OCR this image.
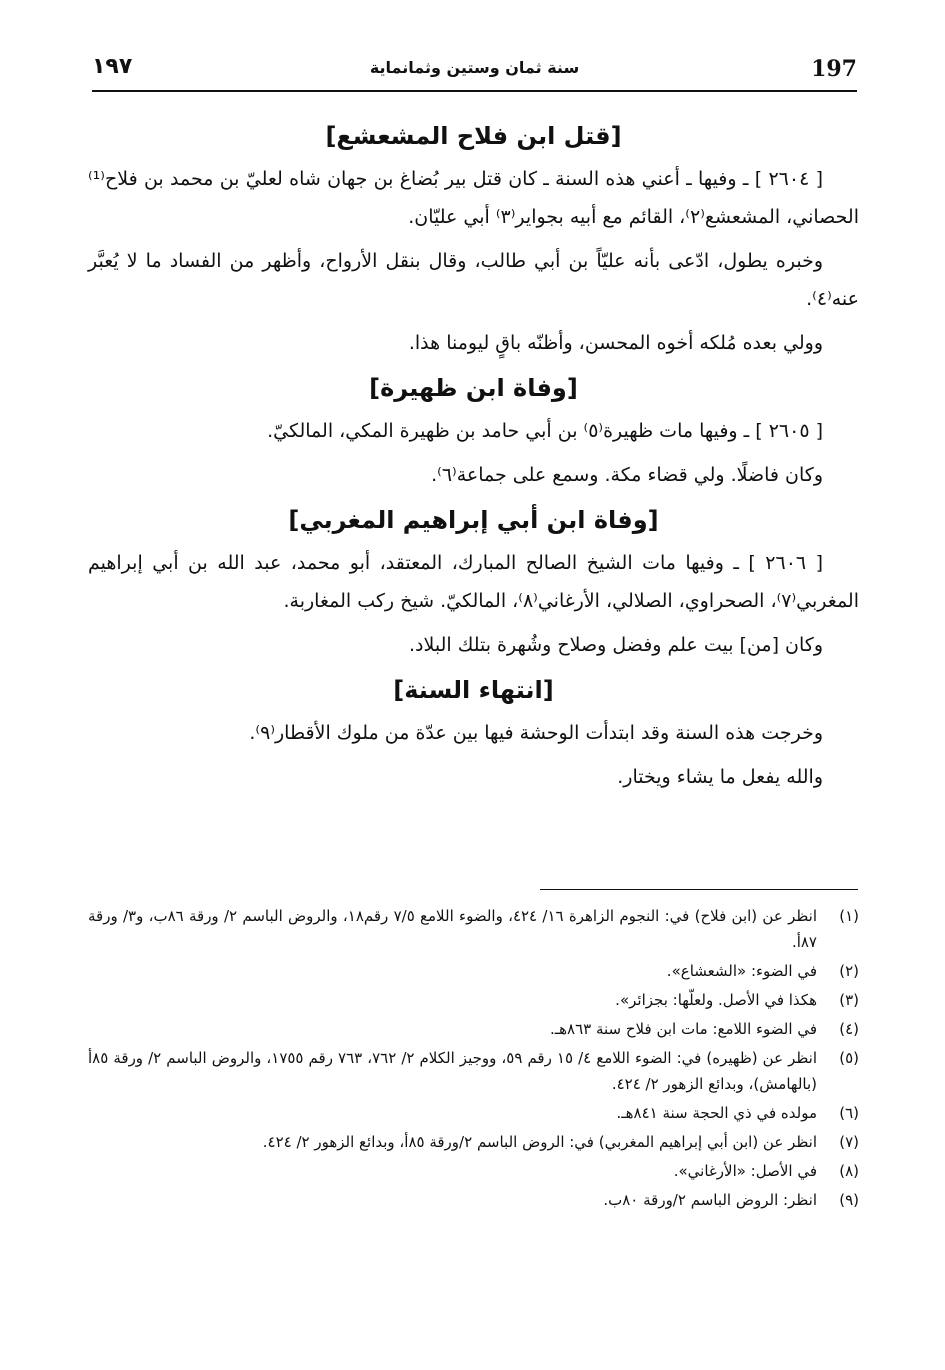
197
سنة ثمان وستين وثمانماية
١٩٧
[قتل ابن فلاح المشعشع]

[ ٢٦٠٤ ] ـ وفيها ـ أعني هذه السنة ـ كان قتل بير بُضاغ بن جهان شاه لعليّ بن محمد بن فلاح⁽¹⁾ الحصاني، المشعشع⁽٢⁾، القائم مع أبيه بجواير⁽٣⁾ أبي عليّان.

وخبره يطول، ادّعى بأنه عليّاً بن أبي طالب، وقال بنقل الأرواح، وأظهر من الفساد ما لا يُعبَّر عنه⁽٤⁾.

وولي بعده مُلكه أخوه المحسن، وأظنّه باقٍ ليومنا هذا.

[وفاة ابن ظهيرة]

[ ٢٦٠٥ ] ـ وفيها مات ظهيرة⁽٥⁾ بن أبي حامد بن ظهيرة المكي، المالكيّ.

وكان فاضلًا. ولي قضاء مكة. وسمع على جماعة⁽٦⁾.

[وفاة ابن أبي إبراهيم المغربي]

[ ٢٦٠٦ ] ـ وفيها مات الشيخ الصالح المبارك، المعتقد، أبو محمد، عبد الله بن أبي إبراهيم المغربي⁽٧⁾، الصحراوي، الصلالي، الأرغاني⁽٨⁾، المالكيّ. شيخ ركب المغاربة.

وكان [من] بيت علم وفضل وصلاح وشُهرة بتلك البلاد.

[انتهاء السنة]

وخرجت هذه السنة وقد ابتدأت الوحشة فيها بين عدّة من ملوك الأقطار⁽٩⁾.

والله يفعل ما يشاء ويختار.

(١)
انظر عن (ابن فلاح) في: النجوم الزاهرة ١٦/ ٤٢٤، والضوء اللامع ٧/٥ رقم١٨، والروض الباسم ٢/ ورقة ٨٦ب، و٣/ ورقة ٨٧أ.
(٢)
في الضوء: «الشعشاع».
(٣)
هكذا في الأصل. ولعلّها: بجزائر».
(٤)
في الضوء اللامع: مات ابن فلاح سنة ٨٦٣هـ.
(٥)
انظر عن (ظهيره) في: الضوء اللامع ٤/ ١٥ رقم ٥٩، ووجيز الكلام ٢/ ٧٦٢، ٧٦٣ رقم ١٧٥٥، والروض الباسم ٢/ ورقة ٨٥أ (بالهامش)، وبدائع الزهور ٢/ ٤٢٤.
(٦)
مولده في ذي الحجة سنة ٨٤١هـ.
(٧)
انظر عن (ابن أبي إبراهيم المغربي) في: الروض الباسم ٢/ورقة ٨٥أ، وبدائع الزهور ٢/ ٤٢٤.
(٨)
في الأصل: «الأرغاني».
(٩)
انظر: الروض الباسم ٢/ورقة ٨٠ب.
